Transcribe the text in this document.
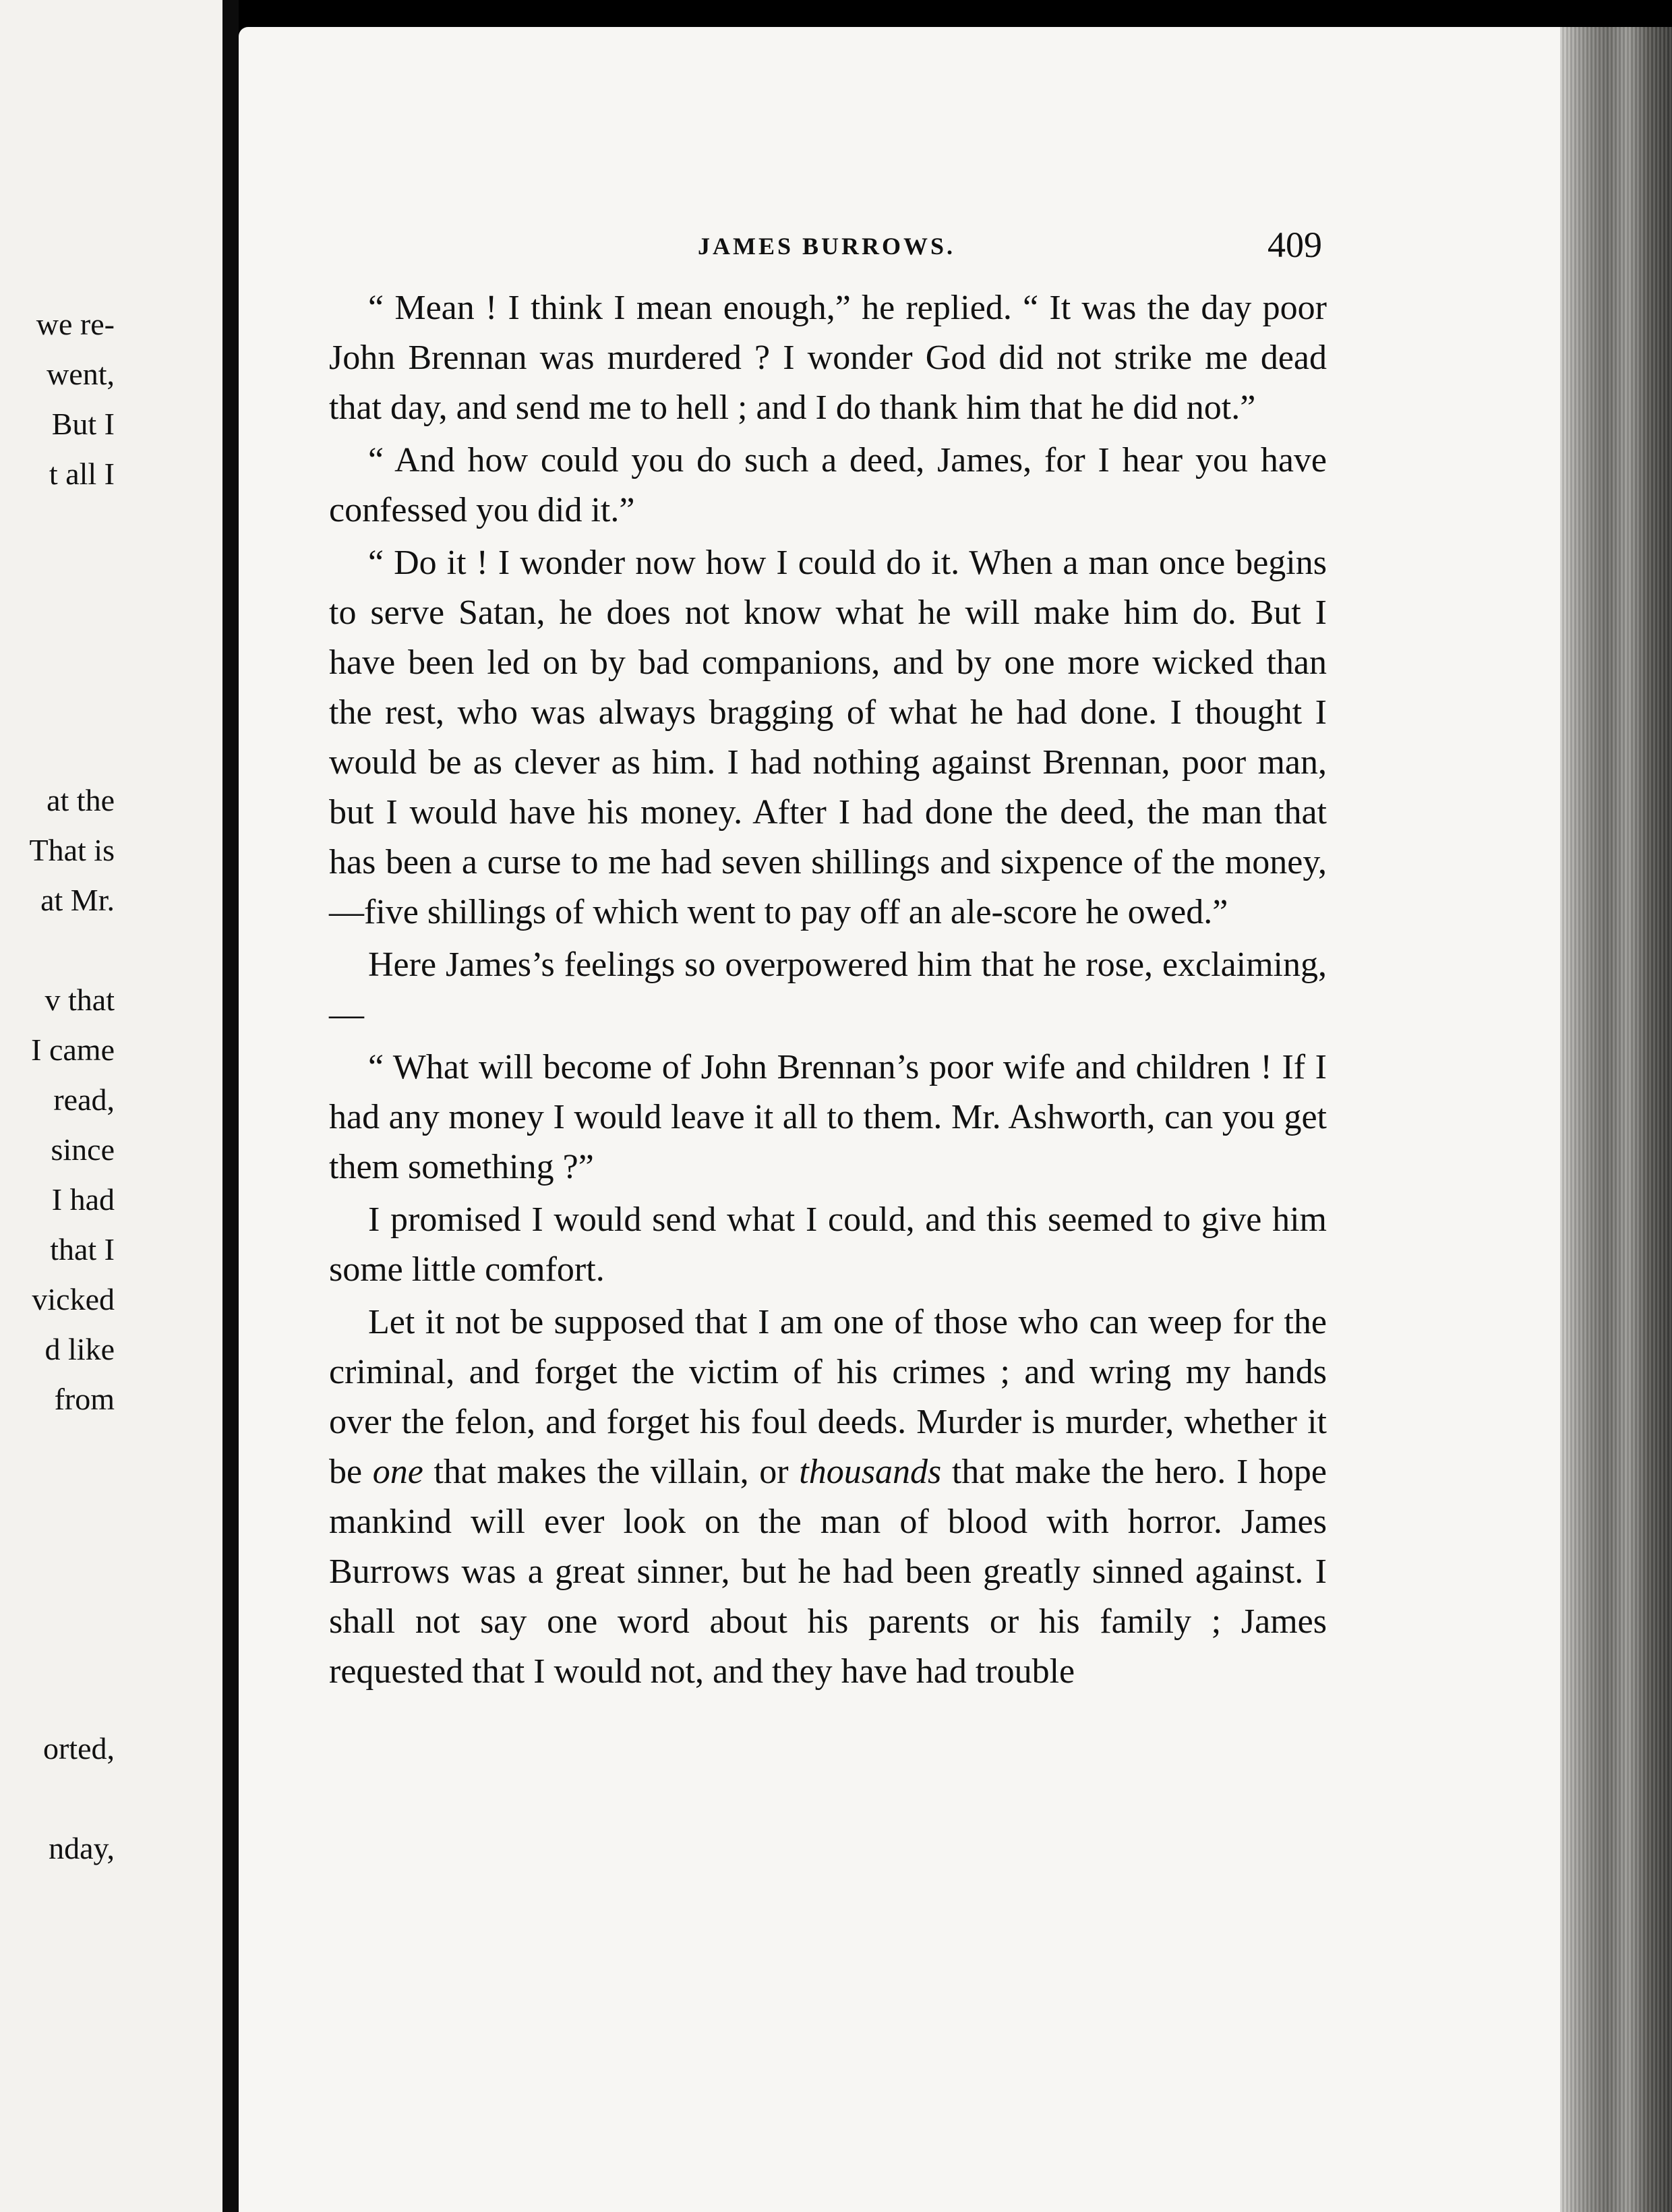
we re-
went,
But I
t all I
at the
That is
at Mr.
v that
I came
read,
since
I had
that I
vicked
d like
from
orted,
nday,
JAMES BURROWS.	409

“ Mean ! I think I mean enough,” he replied. “ It was the day poor John Brennan was murdered ? I wonder God did not strike me dead that day, and send me to hell ; and I do thank him that he did not.”

“ And how could you do such a deed, James, for I hear you have confessed you did it.”

“ Do it ! I wonder now how I could do it. When a man once begins to serve Satan, he does not know what he will make him do. But I have been led on by bad companions, and by one more wicked than the rest, who was always bragging of what he had done. I thought I would be as clever as him. I had nothing against Brennan, poor man, but I would have his money. After I had done the deed, the man that has been a curse to me had seven shillings and sixpence of the money,—five shillings of which went to pay off an ale-score he owed.”

Here James’s feelings so overpowered him that he rose, exclaiming,—

“ What will become of John Brennan’s poor wife and children ! If I had any money I would leave it all to them. Mr. Ashworth, can you get them something ?”

I promised I would send what I could, and this seemed to give him some little comfort.

Let it not be supposed that I am one of those who can weep for the criminal, and forget the victim of his crimes ; and wring my hands over the felon, and forget his foul deeds. Murder is murder, whether it be one that makes the villain, or thousands that make the hero. I hope mankind will ever look on the man of blood with horror. James Burrows was a great sinner, but he had been greatly sinned against. I shall not say one word about his parents or his family ; James requested that I would not, and they have had trouble
